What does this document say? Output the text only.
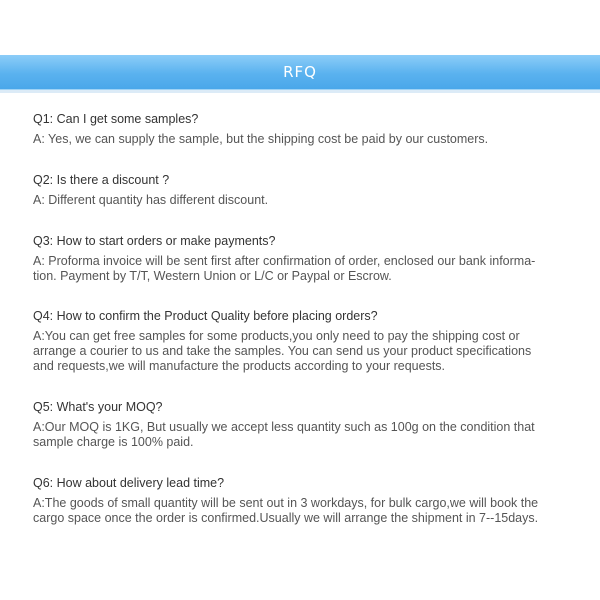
RFQ

Q1: Can I get some samples?

A: Yes, we can supply the sample, but the shipping cost be paid by our customers.

Q2: Is there a discount ?

A: Different quantity has different discount.

Q3: How to start orders or make payments?

A: Proforma invoice will be sent first after confirmation of order, enclosed our bank informa-
tion. Payment by T/T, Western Union or L/C or Paypal or Escrow.

Q4: How to confirm the Product Quality before placing orders?

A:You can get free samples for some products,you only need to pay the shipping cost or
arrange a courier to us and take the samples. You can send us your product specifications
and requests,we will manufacture the products according to your requests.

Q5: What's your MOQ?

A:Our MOQ is 1KG, But usually we accept less quantity such as 100g on the condition that
sample charge is 100% paid.

Q6: How about delivery lead time?

A:The goods of small quantity will be sent out in 3 workdays, for bulk cargo,we will book the
cargo space once the order is confirmed.Usually we will arrange the shipment in 7--15days.
